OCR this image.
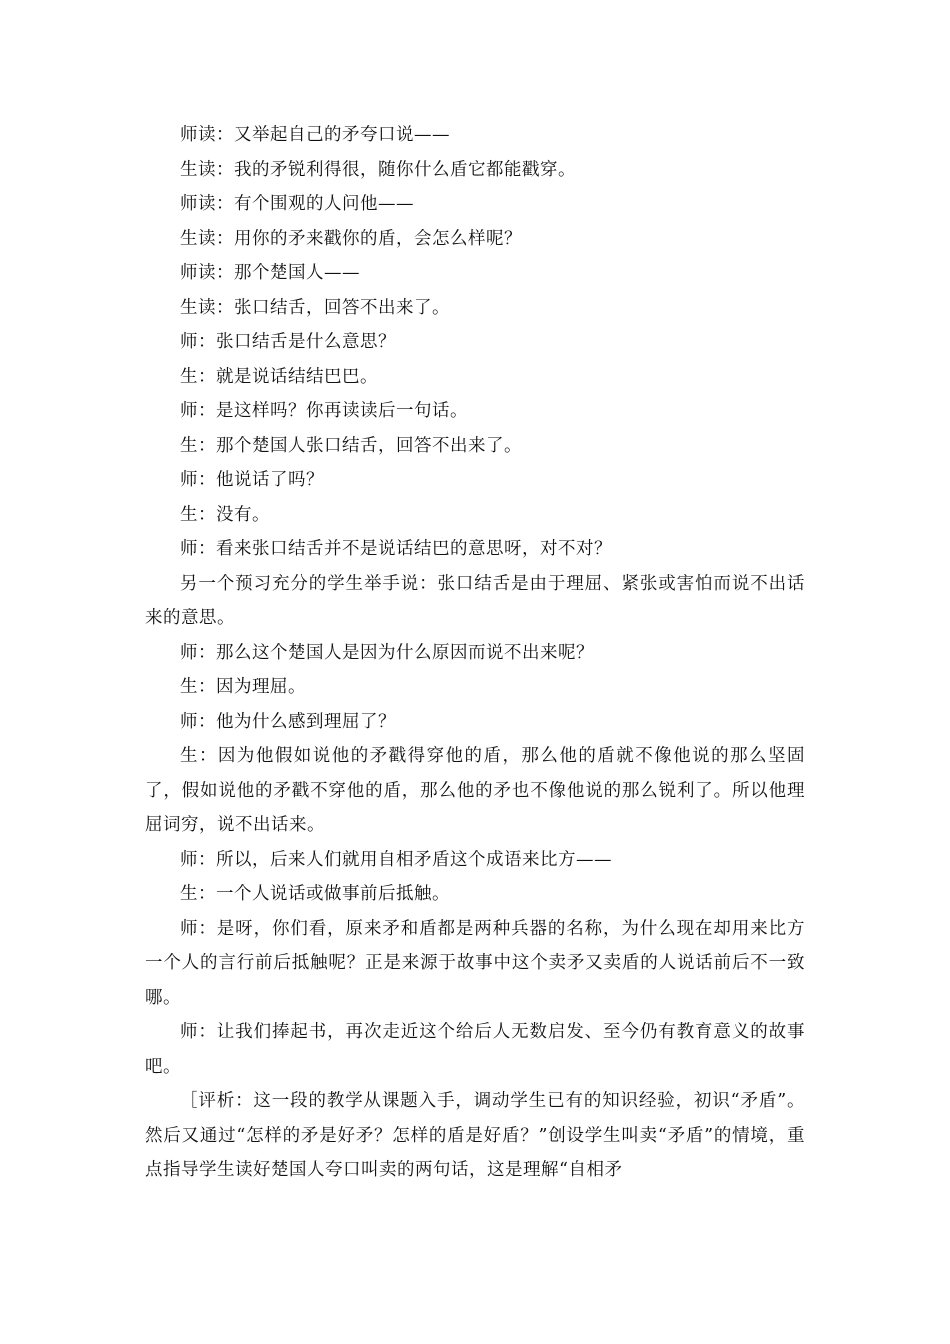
师读：又举起自己的矛夸口说——

生读：我的矛锐利得很，随你什么盾它都能戳穿。

师读：有个围观的人问他——

生读：用你的矛来戳你的盾，会怎么样呢？

师读：那个楚国人——

生读：张口结舌，回答不出来了。

师：张口结舌是什么意思？

生：就是说话结结巴巴。

师：是这样吗？你再读读后一句话。

生：那个楚国人张口结舌，回答不出来了。

师：他说话了吗？

生：没有。

师：看来张口结舌并不是说话结巴的意思呀，对不对？

另一个预习充分的学生举手说：张口结舌是由于理屈、紧张或害怕而说不出话来的意思。

师：那么这个楚国人是因为什么原因而说不出来呢？

生：因为理屈。

师：他为什么感到理屈了？

生：因为他假如说他的矛戳得穿他的盾，那么他的盾就不像他说的那么坚固了，假如说他的矛戳不穿他的盾，那么他的矛也不像他说的那么锐利了。所以他理屈词穷，说不出话来。

师：所以，后来人们就用自相矛盾这个成语来比方——

生：一个人说话或做事前后抵触。

师：是呀，你们看，原来矛和盾都是两种兵器的名称，为什么现在却用来比方一个人的言行前后抵触呢？正是来源于故事中这个卖矛又卖盾的人说话前后不一致哪。

师：让我们捧起书，再次走近这个给后人无数启发、至今仍有教育意义的故事吧。

［评析：这一段的教学从课题入手，调动学生已有的知识经验，初识“矛盾”。然后又通过“怎样的矛是好矛？怎样的盾是好盾？”创设学生叫卖“矛盾”的情境，重点指导学生读好楚国人夸口叫卖的两句话，这是理解“自相矛
